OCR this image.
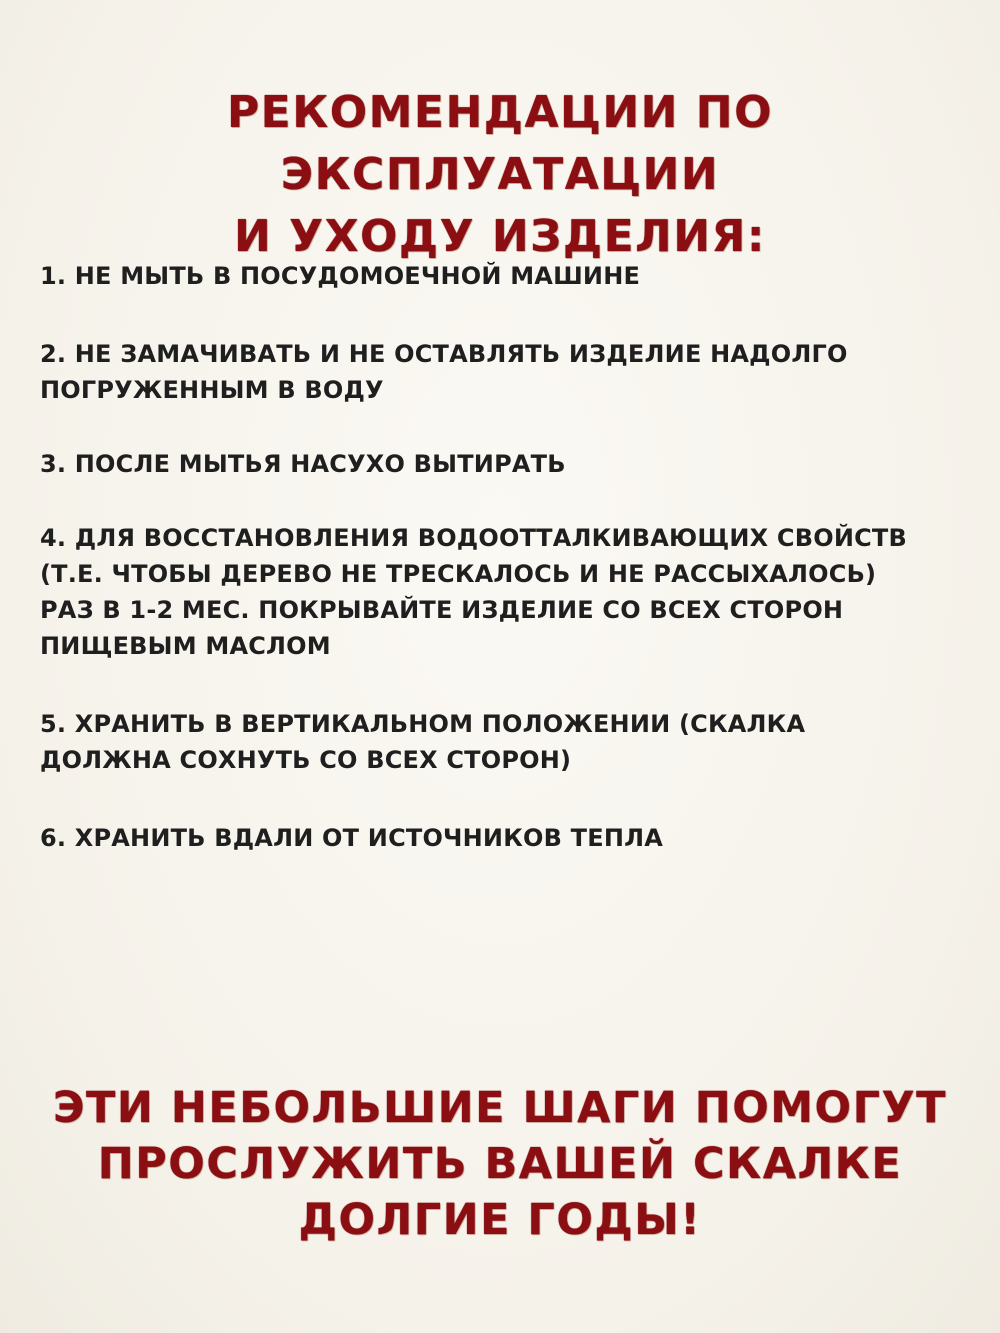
РЕКОМЕНДАЦИИ ПО ЭКСПЛУАТАЦИИ
И УХОДУ ИЗДЕЛИЯ:

1. НЕ МЫТЬ В ПОСУДОМОЕЧНОЙ МАШИНЕ

2. НЕ ЗАМАЧИВАТЬ И НЕ ОСТАВЛЯТЬ ИЗДЕЛИЕ НАДОЛГО
ПОГРУЖЕННЫМ В ВОДУ

3. ПОСЛЕ МЫТЬЯ НАСУХО ВЫТИРАТЬ

4. ДЛЯ ВОССТАНОВЛЕНИЯ ВОДООТТАЛКИВАЮЩИХ СВОЙСТВ
(Т.Е. ЧТОБЫ ДЕРЕВО НЕ ТРЕСКАЛОСЬ И НЕ РАССЫХАЛОСЬ)
РАЗ В 1-2 МЕС. ПОКРЫВАЙТЕ ИЗДЕЛИЕ СО ВСЕХ СТОРОН
ПИЩЕВЫМ МАСЛОМ

5. ХРАНИТЬ В ВЕРТИКАЛЬНОМ ПОЛОЖЕНИИ (СКАЛКА
ДОЛЖНА СОХНУТЬ СО ВСЕХ СТОРОН)

6. ХРАНИТЬ ВДАЛИ ОТ ИСТОЧНИКОВ ТЕПЛА

ЭТИ НЕБОЛЬШИЕ ШАГИ ПОМОГУТ
ПРОСЛУЖИТЬ ВАШЕЙ СКАЛКЕ
ДОЛГИЕ ГОДЫ!
